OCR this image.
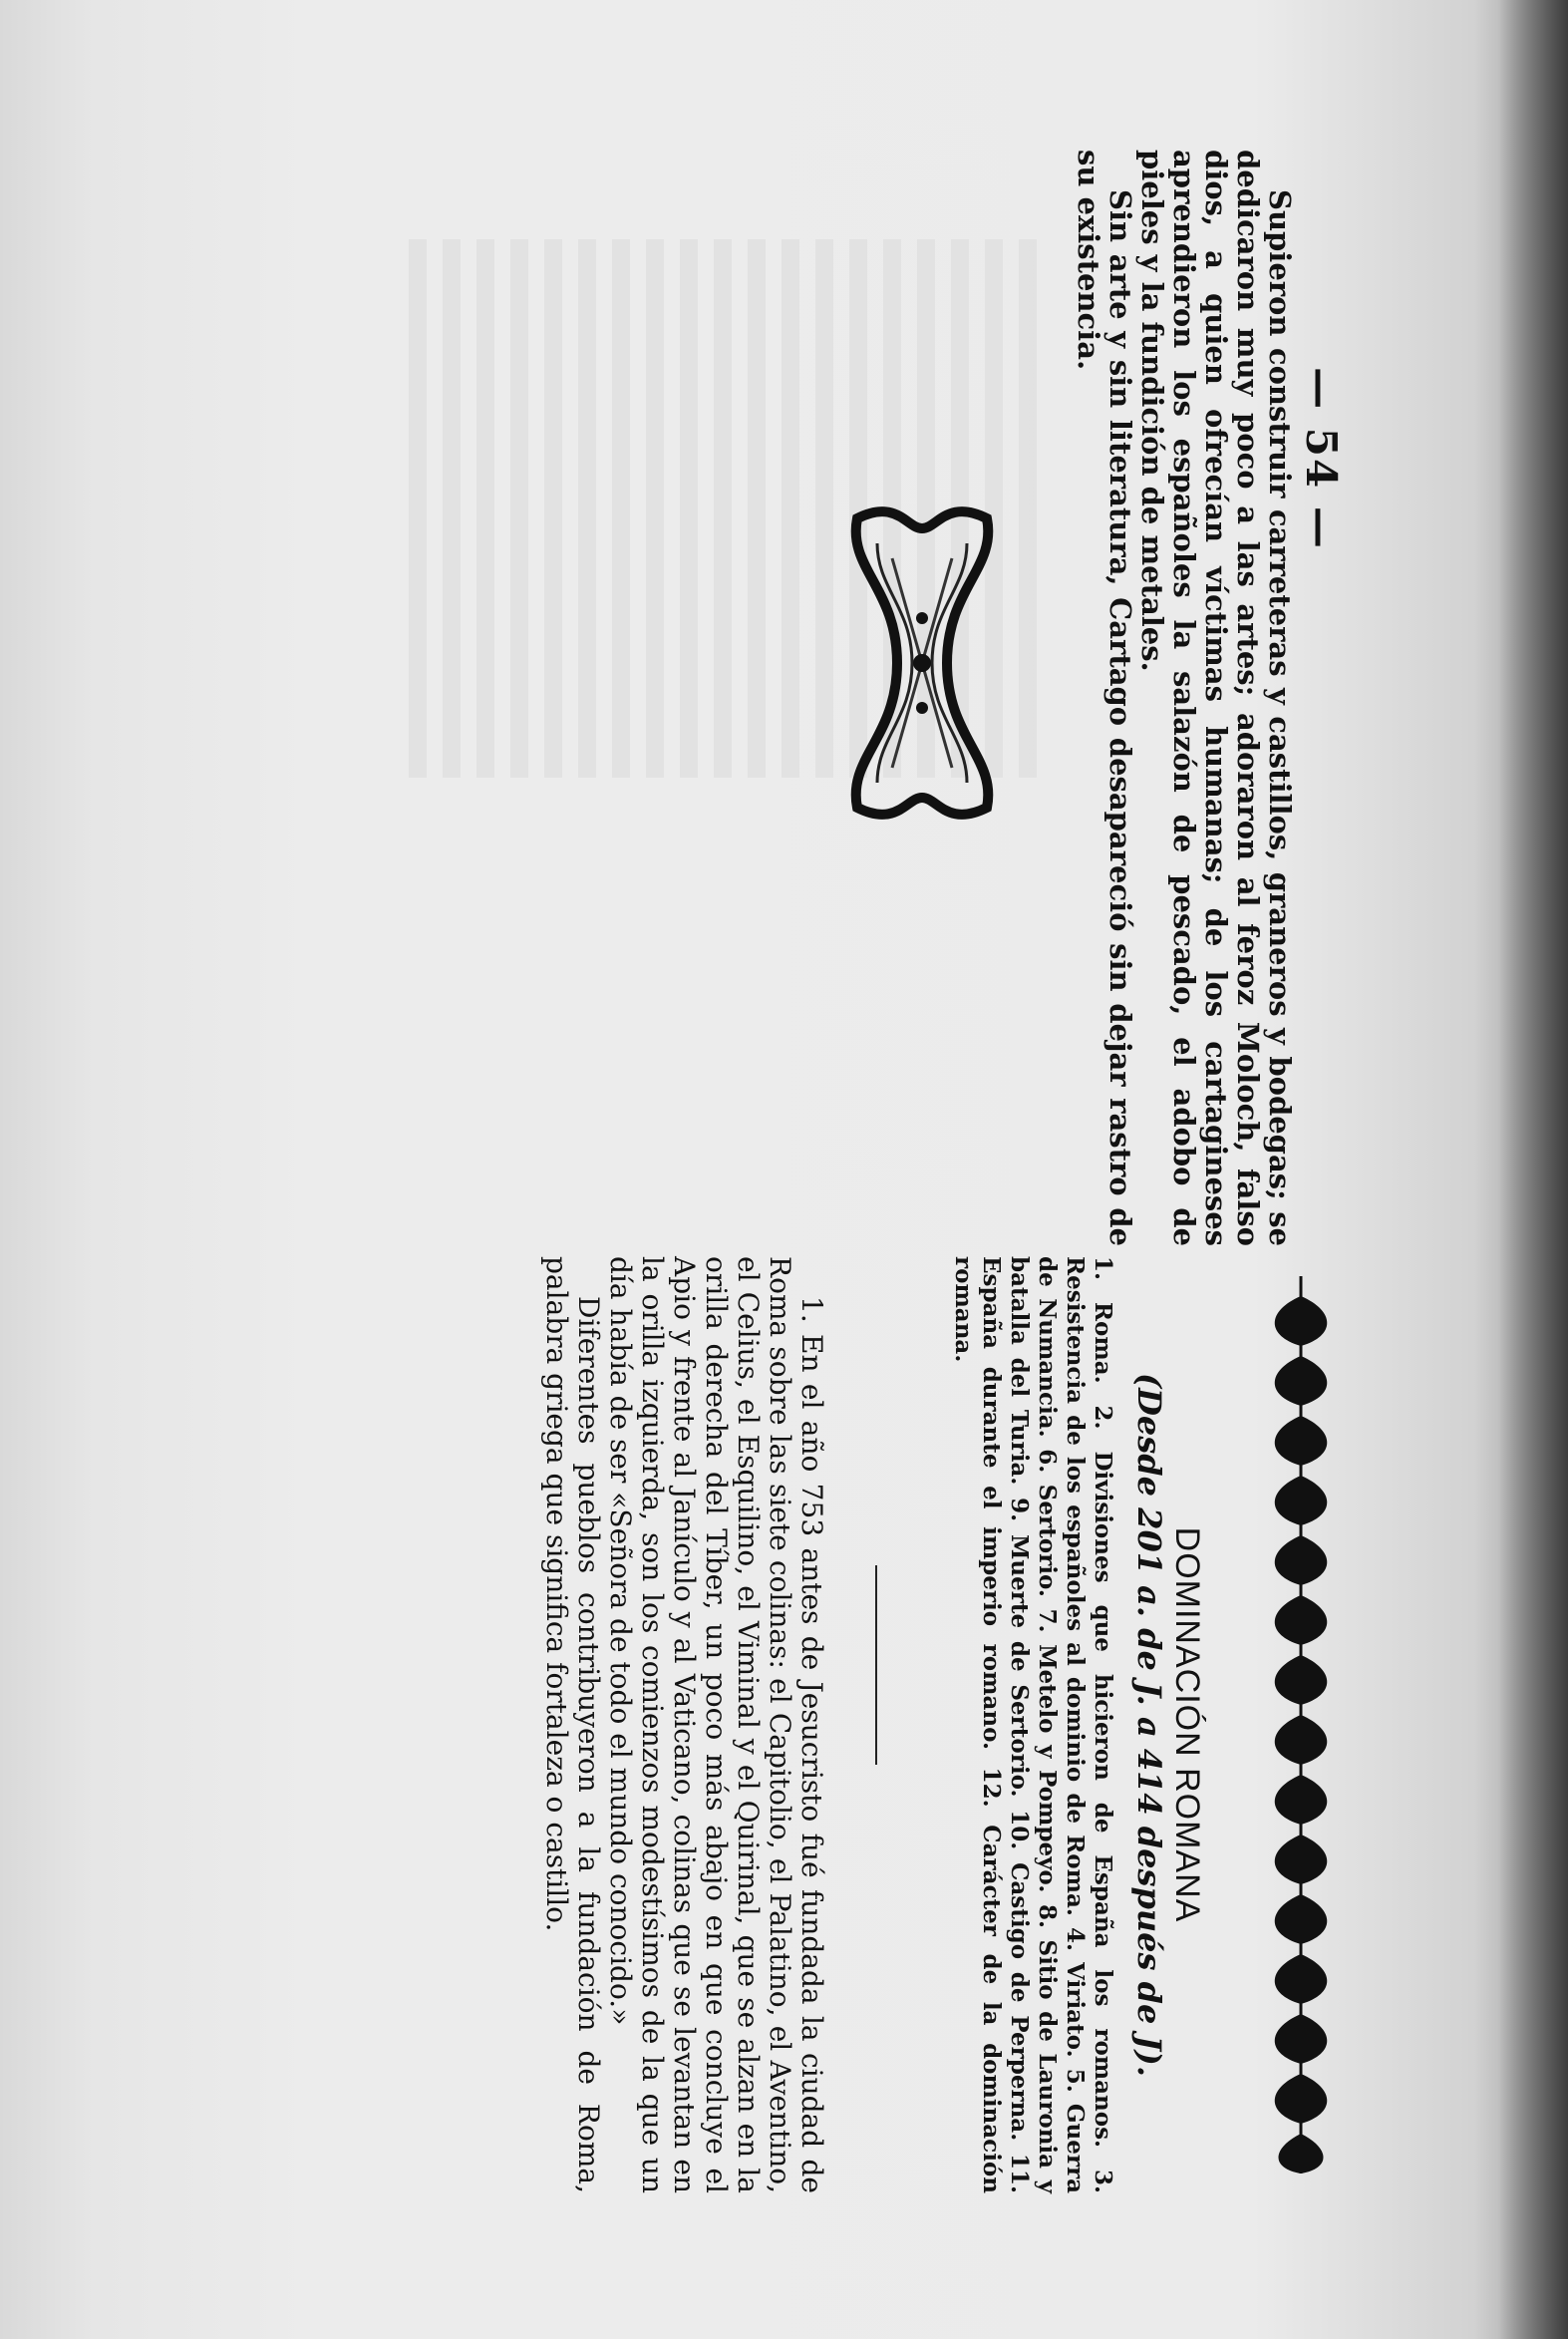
— 54 —

Supieron construir carreteras y castillos, graneros y bodegas; se dedicaron muy poco a las artes; adoraron al feroz Moloch, falso dios, a quien ofrecían víctimas humanas; de los cartagineses aprendieron los españoles la salazón de pescado, el adobo de pieles y la fundición de metales.

Sin arte y sin literatura, Cartago desapareció sin dejar rastro de su existencia.

DOMINACIÓN ROMANA
(Desde 201 a. de J. a 414 después de J).
1. Roma. 2. Divisiones que hicieron de España los romanos. 3. Resistencia de los españoles al dominio de Roma. 4. Viriato. 5. Guerra de Numancia. 6. Sertorio. 7. Metelo y Pompeyo. 8. Sitio de Lauronia y batalla del Turia. 9. Muerte de Sertorio. 10. Castigo de Perperna. 11. España durante el imperio romano. 12. Carácter de la dominación romana.

1. En el año 753 antes de Jesucristo fué fundada la ciudad de Roma sobre las siete colinas: el Capitolio, el Palatino, el Aventino, el Celius, el Esquilino, el Viminal y el Quirinal, que se alzan en la orilla derecha del Tíber, un poco más abajo en que concluye el Apio y frente al Janículo y al Vaticano, colinas que se levantan en la orilla izquierda, son los comienzos modestísimos de la que un día había de ser «Señora de todo el mundo conocido.»

Diferentes pueblos contribuyeron a la fundación de Roma, palabra griega que significa fortaleza o castillo.
